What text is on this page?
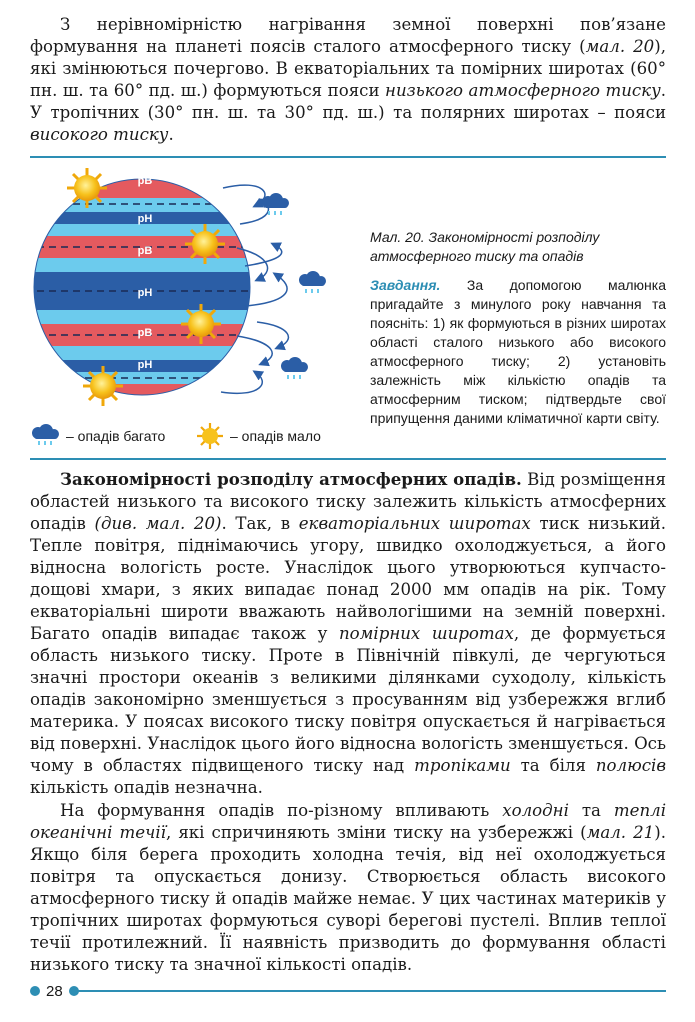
З нерівномірністю нагрівання земної поверхні пов’язане формування на планеті поясів сталого атмосферного тиску (мал. 20), які змінюються почергово. В екваторіальних та помірних широтах (60° пн. ш. та 60° пд. ш.) формуються пояси низького атмосферного тиску. У тропічних (30° пн. ш. та 30° пд. ш.) та полярних широтах – пояси високого тиску.

рВ
рН
рВ
рН
рВ
рН
рВ
– опадів багато	– опадів мало
Мал. 20. Закономірності розподілу атмосферного тиску та опадів
Завдання. За допомогою малюнка пригадайте з минулого року навчання та поясніть: 1) як формуються в різних широтах області сталого низького або високого атмосферного тиску; 2) установіть залежність між кількістю опадів та атмосферним тиском; підтвердьте свої припущення даними кліматичної карти світу.

Закономірності розподілу атмосферних опадів. Від розміщення областей низького та високого тиску залежить кількість атмосферних опадів (див. мал. 20). Так, в екваторіальних широтах тиск низький. Тепле повітря, піднімаючись угору, швидко охолоджується, а його відносна вологість росте. Унаслідок цього утворюються купчасто-дощові хмари, з яких випадає понад 2000 мм опадів на рік. Тому екваторіальні широти вважають найвологішими на земній поверхні. Багато опадів випадає також у помірних широтах, де формується область низького тиску. Проте в Північній півкулі, де чергуються значні простори океанів з великими ділянками суходолу, кількість опадів закономірно зменшується з просуванням від узбережжя вглиб материка. У поясах високого тиску повітря опускається й нагрівається від поверхні. Унаслідок цього його відносна вологість зменшується. Ось чому в областях підвищеного тиску над тропіками та біля полюсів кількість опадів незначна.

На формування опадів по-різному впливають холодні та теплі океанічні течії, які спричиняють зміни тиску на узбережжі (мал. 21). Якщо біля берега проходить холодна течія, від неї охолоджується повітря та опускається донизу. Створюється область високого атмосферного тиску й опадів майже немає. У цих частинах материків у тропічних широтах формуються суворі берегові пустелі. Вплив теплої течії протилежний. Її наявність призводить до формування області низького тиску та значної кількості опадів.

28
